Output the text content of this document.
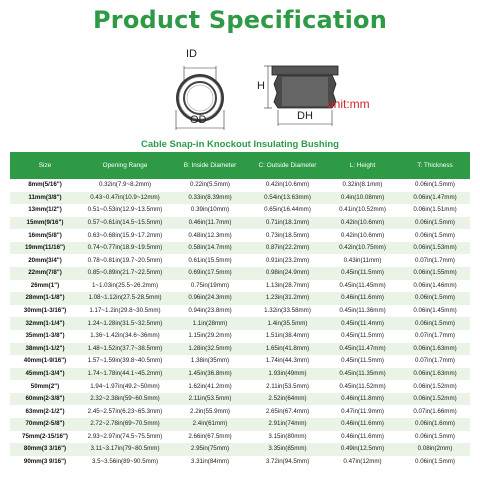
Product Specification
ID
OD
H
DH
unit:mm
Cable Snap-in Knockout Insulating Bushing
Size	Opening Range	B: Inside Diameter	C: Outside Diameter	L: Height	T: Thickness
8mm(5/16")	0.32in(7.9~8.2mm)	0.22in(5.5mm)	0.42in(10.6mm)	0.32in(8.1mm)	0.06in(1.5mm)
11mm(3/8")	0.43~0.47in(10.9~12mm)	0.33in(8.39mm)	0.54in(13.63mm)	0.4in(10.08mm)	0.06in(1.47mm)
13mm(1/2")	0.51~0.53in(12.9~13.5mm)	0.39in(10mm)	0.65in(16.44mm)	0.41in(10.52mm)	0.06in(1.51mm)
15mm(9/16")	0.57~0.61in(14.5~15.5mm)	0.46in(11.7mm)	0.71in(18.1mm)	0.42in(10.6mm)	0.06in(1.5mm)
16mm(5/8")	0.63~0.68in(15.9~17.2mm)	0.48in(12.3mm)	0.73in(18.5mm)	0.42in(10.6mm)	0.06in(1.5mm)
19mm(11/16")	0.74~0.77in(18.9~19.5mm)	0.58in(14.7mm)	0.87in(22.2mm)	0.42in(10.75mm)	0.06in(1.53mm)
20mm(3/4")	0.78~0.81in(19.7~20.5mm)	0.61in(15.5mm)	0.91in(23.2mm)	0.43in(11mm)	0.07in(1.7mm)
22mm(7/8")	0.85~0.89in(21.7~22.5mm)	0.69in(17.5mm)	0.98in(24.9mm)	0.45in(11.5mm)	0.06in(1.55mm)
26mm(1")	1~1.03in(25.5~26.2mm)	0.75in(19mm)	1.13in(28.7mm)	0.45in(11.45mm)	0.06in(1.46mm)
28mm(1-1/8")	1.08~1.12in(27.5-28.5mm)	0.96in(24.3mm)	1.23in(31.2mm)	0.46in(11.6mm)	0.06in(1.5mm)
30mm(1-3/16")	1.17~1.2in(29.8~30.5mm)	0.94in(23.8mm)	1.32in(33.58mm)	0.45in(11.36mm)	0.06in(1.45mm)
32mm(1-1/4")	1.24~1.28in(31.5~32.5mm)	1.1in(28mm)	1.4in(35.5mm)	0.45in(11.4mm)	0.06in(1.5mm)
35mm(1-3/8")	1.36~1.42in(34.6~36mm)	1.15in(29.2mm)	1.51in(38.4mm)	0.45in(11.5mm)	0.07in(1.7mm)
38mm(1-1/2")	1.48~1.52in(37.7~38.5mm)	1.28in(32.5mm)	1.65in(41.8mm)	0.45in(11.47mm)	0.06in(1.63mm)
40mm(1-9/16")	1.57~1.59in(39.8~40.5mm)	1.38in(35mm)	1.74in(44.3mm)	0.45in(11.5mm)	0.07in(1.7mm)
45mm(1-3/4")	1.74~1.78in(44.1~45.2mm)	1.45in(36.8mm)	1.93in(49mm)	0.45in(11.35mm)	0.06in(1.63mm)
50mm(2")	1.94~1.97in(49.2~50mm)	1.62in(41.2mm)	2.11in(53.5mm)	0.45in(11.52mm)	0.06in(1.52mm)
60mm(2-3/8")	2.32~2.38in(59~60.5mm)	2.11in(53.5mm)	2.52in(64mm)	0.46in(11.8mm)	0.06in(1.52mm)
63mm(2-1/2")	2.45~2.57in(6.23~65.3mm)	2.2in(55.9mm)	2.65in(67.4mm)	0.47in(11.9mm)	0.07in(1.66mm)
70mm(2-5/8")	2.72~2.78in(69~70.5mm)	2.4in(61mm)	2.91in(74mm)	0.46in(11.6mm)	0.06in(1.6mm)
75mm(2-15/16")	2.93~2.97in(74.5~75.5mm)	2.66in(67.5mm)	3.15in(80mm)	0.46in(11.6mm)	0.06in(1.5mm)
80mm(3 3/16")	3.11~3.17in(79~80.5mm)	2.95in(75mm)	3.35in(85mm)	0.49in(12.5mm)	0.08in(2mm)
90mm(3 9/16")	3.5~3.56in(89~90.5mm)	3.31in(84mm)	3.72in(94.5mm)	0.47in(12mm)	0.06in(1.5mm)
